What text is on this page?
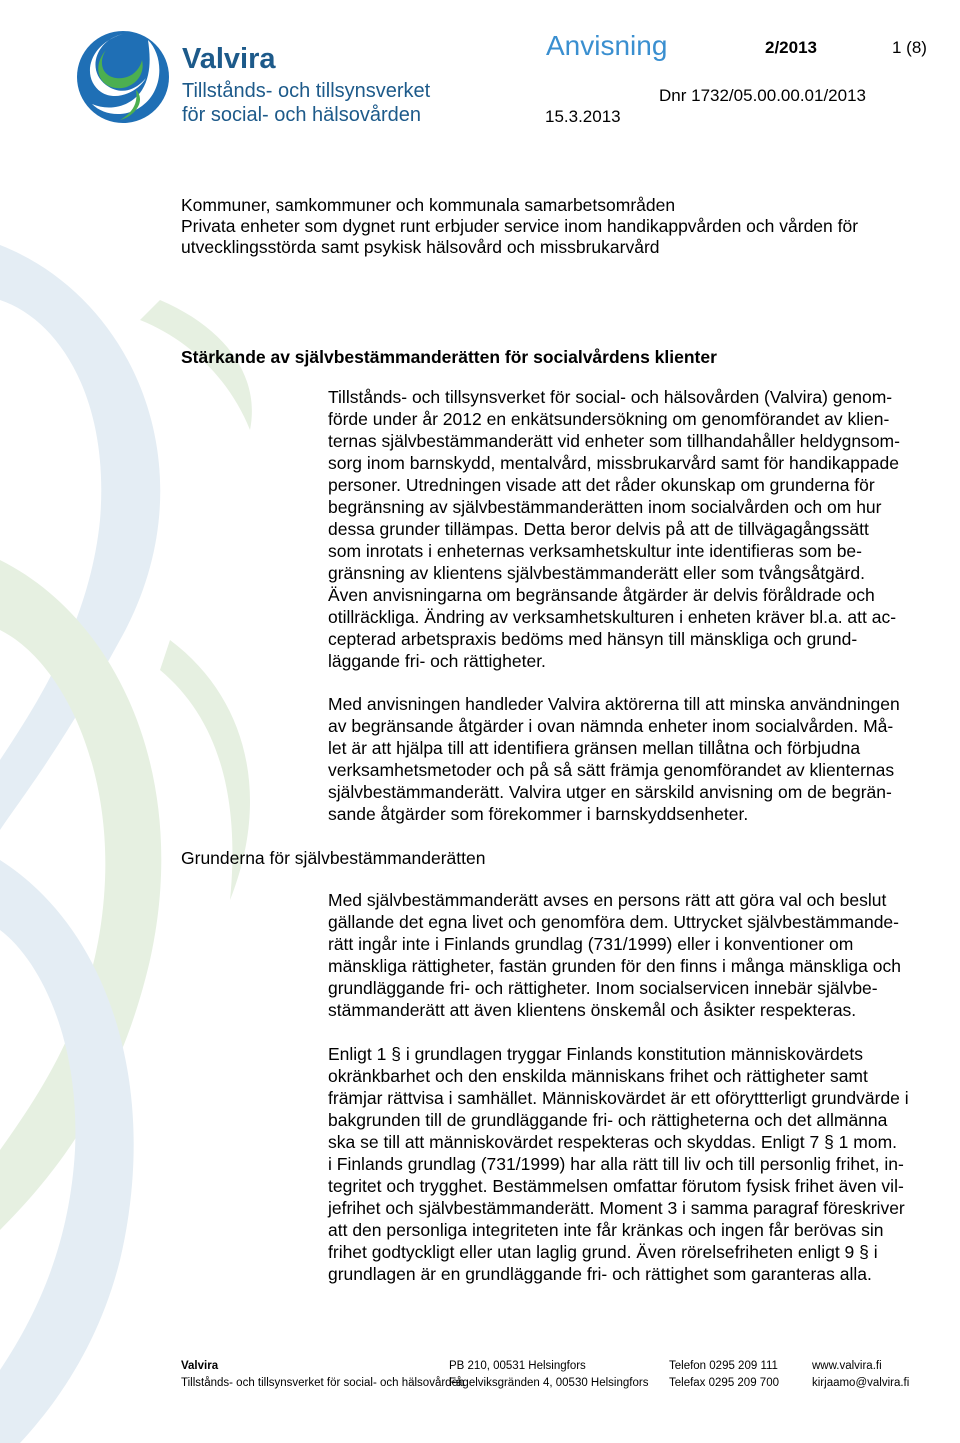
Valvira
Tillstånds- och tillsynsverket
för social- och hälsovården
Anvisning	2/2013	1 (8)
Dnr 1732/05.00.00.01/2013
15.3.2013
Kommuner, samkommuner och kommunala samarbetsområden
Privata enheter som dygnet runt erbjuder service inom handikappvården och vården för
utvecklingsstörda samt psykisk hälsovård och missbrukarvård
Stärkande av självbestämmanderätten för socialvårdens klienter
Tillstånds- och tillsynsverket för social- och hälsovården (Valvira) genom-
förde under år 2012 en enkätsundersökning om genomförandet av klien-
ternas självbestämmanderätt vid enheter som tillhandahåller heldygnsom-
sorg inom barnskydd, mentalvård, missbrukarvård samt för handikappade
personer. Utredningen visade att det råder okunskap om grunderna för
begränsning av självbestämmanderätten inom socialvården och om hur
dessa grunder tillämpas. Detta beror delvis på att de tillvägagångssätt
som inrotats i enheternas verksamhetskultur inte identifieras som be-
gränsning av klientens självbestämmanderätt eller som tvångsåtgärd.
Även anvisningarna om begränsande åtgärder är delvis föråldrade och
otillräckliga. Ändring av verksamhetskulturen i enheten kräver bl.a. att ac-
cepterad arbetspraxis bedöms med hänsyn till mänskliga och grund-
läggande fri- och rättigheter.
Med anvisningen handleder Valvira aktörerna till att minska användningen
av begränsande åtgärder i ovan nämnda enheter inom socialvården. Må-
let är att hjälpa till att identifiera gränsen mellan tillåtna och förbjudna
verksamhetsmetoder och på så sätt främja genomförandet av klienternas
självbestämmanderätt. Valvira utger en särskild anvisning om de begrän-
sande åtgärder som förekommer i barnskyddsenheter.
Grunderna för självbestämmanderätten
Med självbestämmanderätt avses en persons rätt att göra val och beslut
gällande det egna livet och genomföra dem. Uttrycket självbestämmande-
rätt ingår inte i Finlands grundlag (731/1999) eller i konventioner om
mänskliga rättigheter, fastän grunden för den finns i många mänskliga och
grundläggande fri- och rättigheter. Inom socialservicen innebär självbe-
stämmanderätt att även klientens önskemål och åsikter respekteras.
Enligt 1 § i grundlagen tryggar Finlands konstitution människovärdets
okränkbarhet och den enskilda människans frihet och rättigheter samt
främjar rättvisa i samhället. Människovärdet är ett oföryttterligt grundvärde i
bakgrunden till de grundläggande fri- och rättigheterna och det allmänna
ska se till att människovärdet respekteras och skyddas. Enligt 7 § 1 mom.
i Finlands grundlag (731/1999) har alla rätt till liv och till personlig frihet, in-
tegritet och trygghet. Bestämmelsen omfattar förutom fysisk frihet även vil-
jefrihet och självbestämmanderätt. Moment 3 i samma paragraf föreskriver
att den personliga integriteten inte får kränkas och ingen får berövas sin
frihet godtyckligt eller utan laglig grund. Även rörelsefriheten enligt 9 § i
grundlagen är en grundläggande fri- och rättighet som garanteras alla.
Valvira
Tillstånds- och tillsynsverket för social- och hälsovården
PB 210, 00531 Helsingfors
Fågelviksgränden 4, 00530 Helsingfors
Telefon 0295 209 111
Telefax 0295 209 700
www.valvira.fi
kirjaamo@valvira.fi
